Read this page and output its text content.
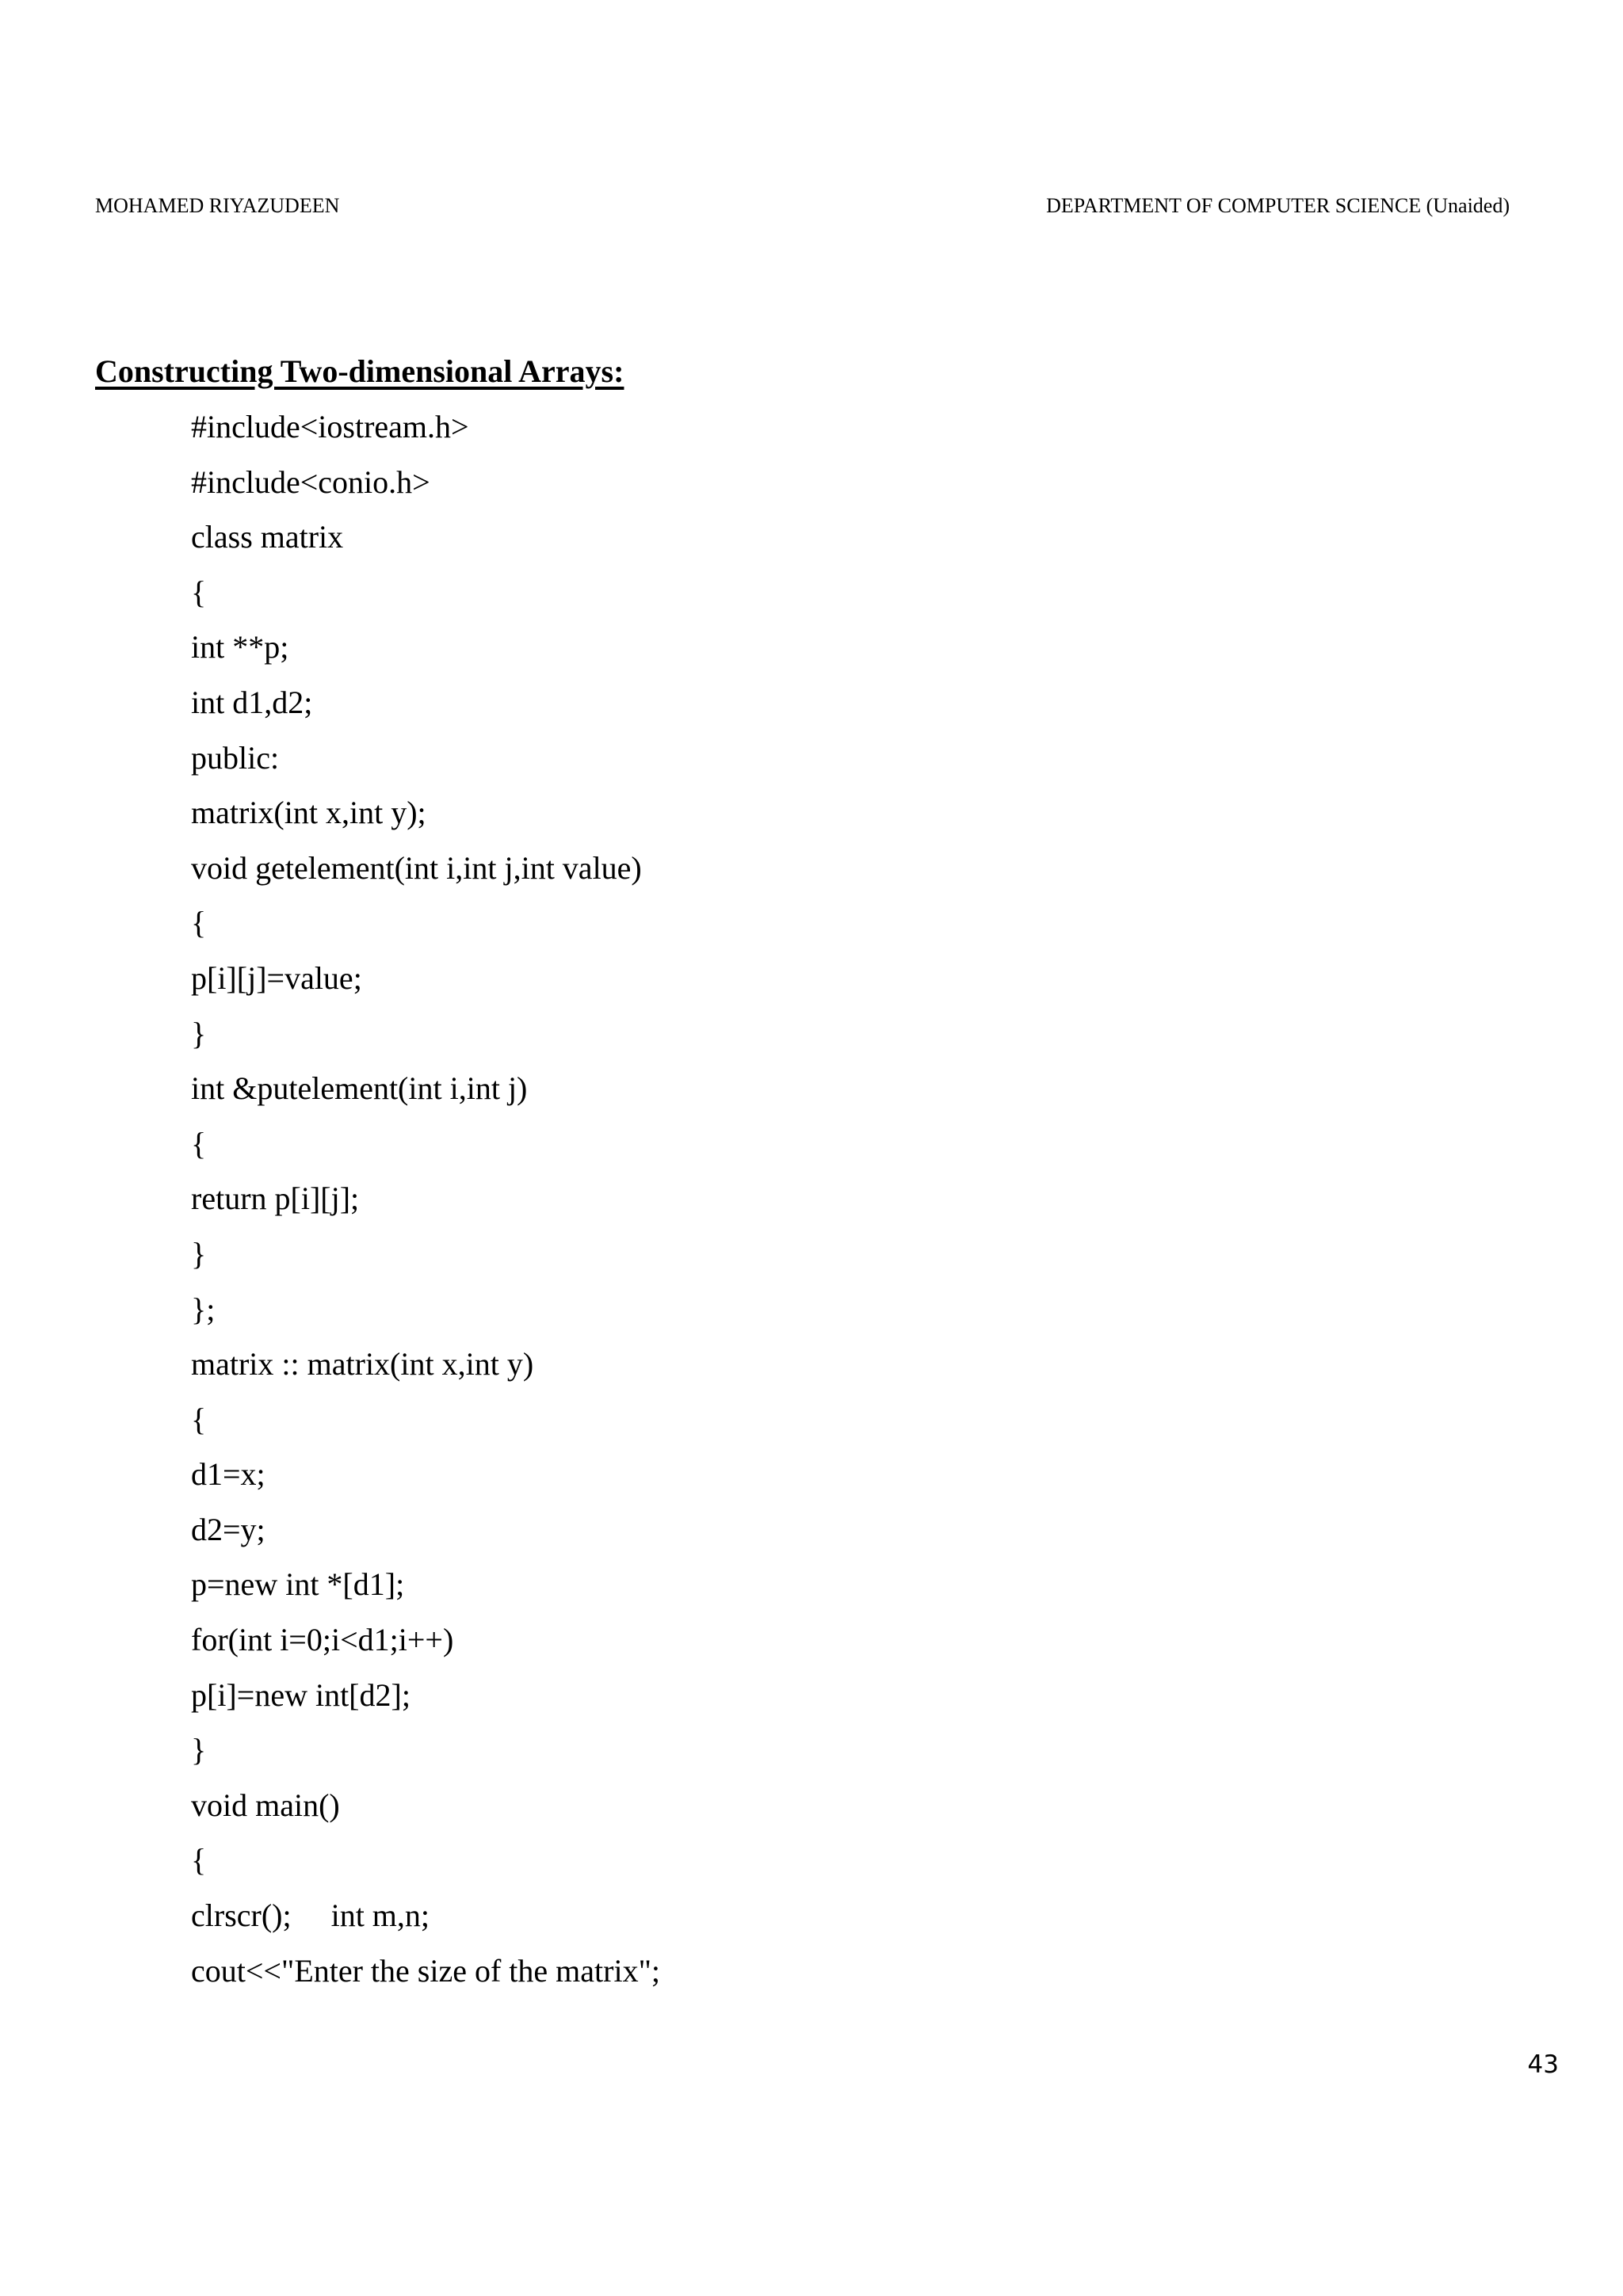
MOHAMED RIYAZUDEEN	DEPARTMENT OF COMPUTER SCIENCE (Unaided)
Constructing Two-dimensional Arrays:
#include<iostream.h>
#include<conio.h>
class matrix
{
int **p;
int d1,d2;
public:
matrix(int x,int y);
void getelement(int i,int j,int value)
{
p[i][j]=value;
}
int &putelement(int i,int j)
{
return p[i][j];
}
};
matrix :: matrix(int x,int y)
{
d1=x;
d2=y;
p=new int *[d1];
for(int i=0;i<d1;i++)
p[i]=new int[d2];
}
void main()
{
clrscr();     int m,n;
cout<<"Enter the size of the matrix";
43
